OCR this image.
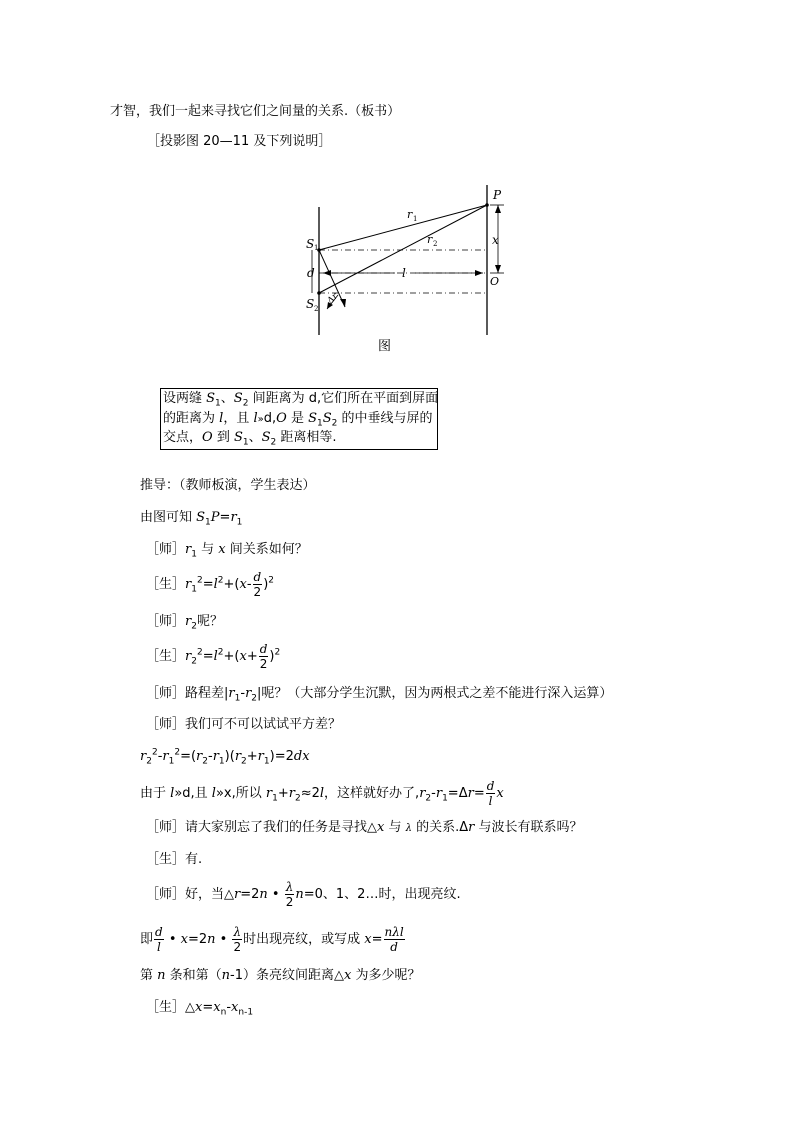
才智，我们一起来寻找它们之间量的关系.（板书）
［投影图 20—11 及下列说明］
P
O
S 1
S 2
r 1
r 2	x
d	l
Δr
图
设两缝 $S_1$、$S_2$ 间距离为 d,它们所在平面到屏面
的距离为 l，且 l»d,O 是 $S_1S_2$ 的中垂线与屏的
交点，O 到 $S_1$、$S_2$ 距离相等.
推导：（教师板演，学生表达）
由图可知 $S_1P=r_1$
［师$]r_1$ 与 x 间关系如何？
［生$]r_1^2=l^2+(x- \frac{d}{2} )^2$
［师$]r_2$呢？
［生$]r_2^2=l^2+(x+ \frac{d}{2} )^2$
［师］路程差$|r_1-r_2|$呢？（大部分学生沉默，因为两根式之差不能进行深入运算）
［师］我们可不可以试试平方差？
$r_2^2-r_1^2=(r_2-r_1)(r_2+r_1)=2dx$
由于 l»d,且 l»x,所以 $r_1+r_2\approx 2l$，这样就好办了$,r_2-r_1=\Delta r= \frac{d}{l}$ x
［师］请大家别忘了我们的任务是寻找△x 与 λ 的关系.Δr 与波长有联系吗？
［生］有.
［师］好，当△r=2n • $\frac{\lambda}{2} n=0$、1、2…时，出现亮纹.
即 $\frac{d}{l}$ • x=2n • $\frac{\lambda}{2}$ 时出现亮纹，或写成 $x= \frac{\text{nλl}}{d}$
第 n 条和第（n-1）条亮纹间距离△x 为多少呢？
［生$]\triangle x=x_n-x_{n-1}$
